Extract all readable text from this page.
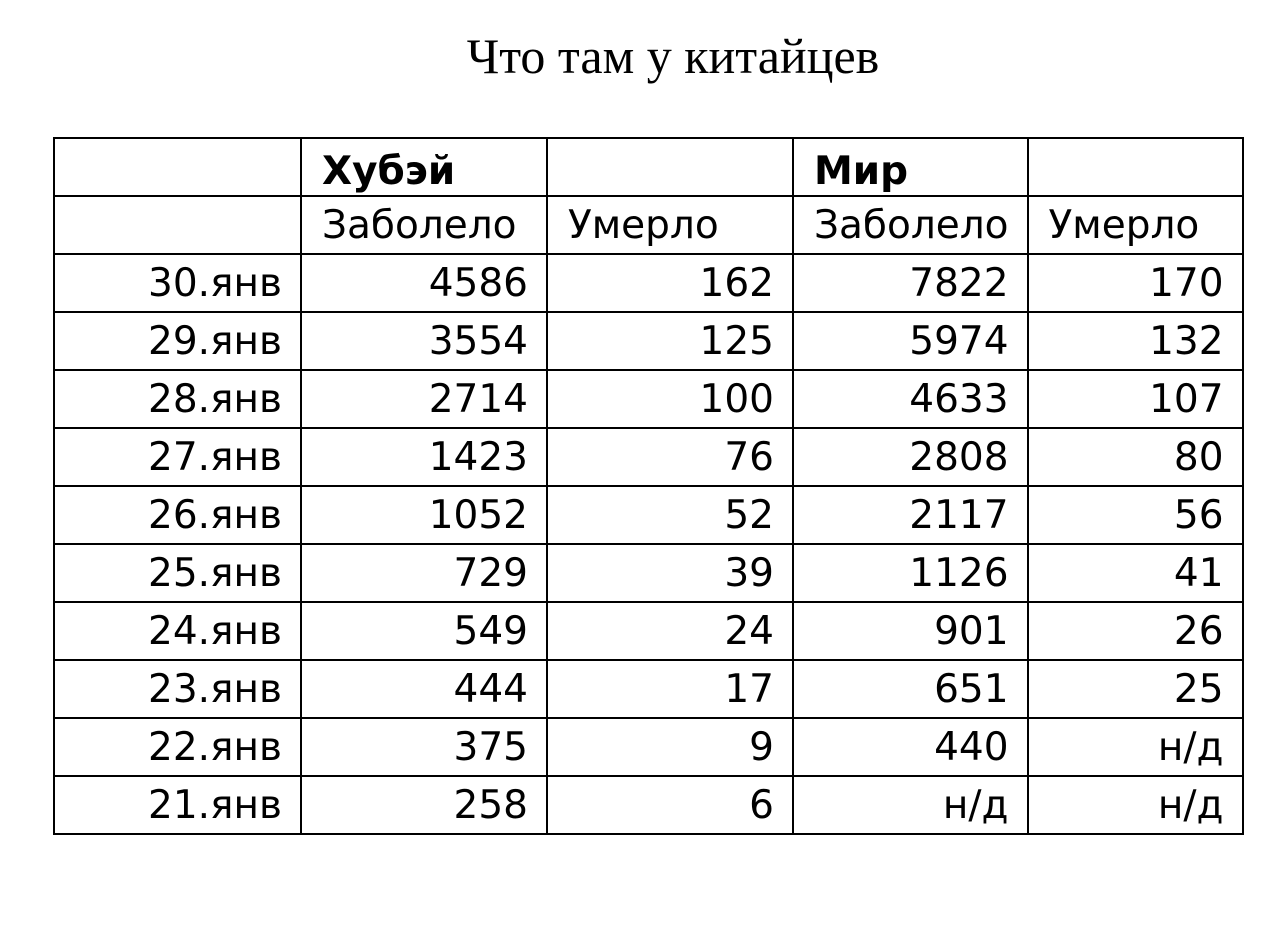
Что там у китайцев
	Хубэй		Мир	
	Заболело	Умерло	Заболело	Умерло
30.янв	4586	162	7822	170
29.янв	3554	125	5974	132
28.янв	2714	100	4633	107
27.янв	1423	76	2808	80
26.янв	1052	52	2117	56
25.янв	729	39	1126	41
24.янв	549	24	901	26
23.янв	444	17	651	25
22.янв	375	9	440	н/д
21.янв	258	6	н/д	н/д
